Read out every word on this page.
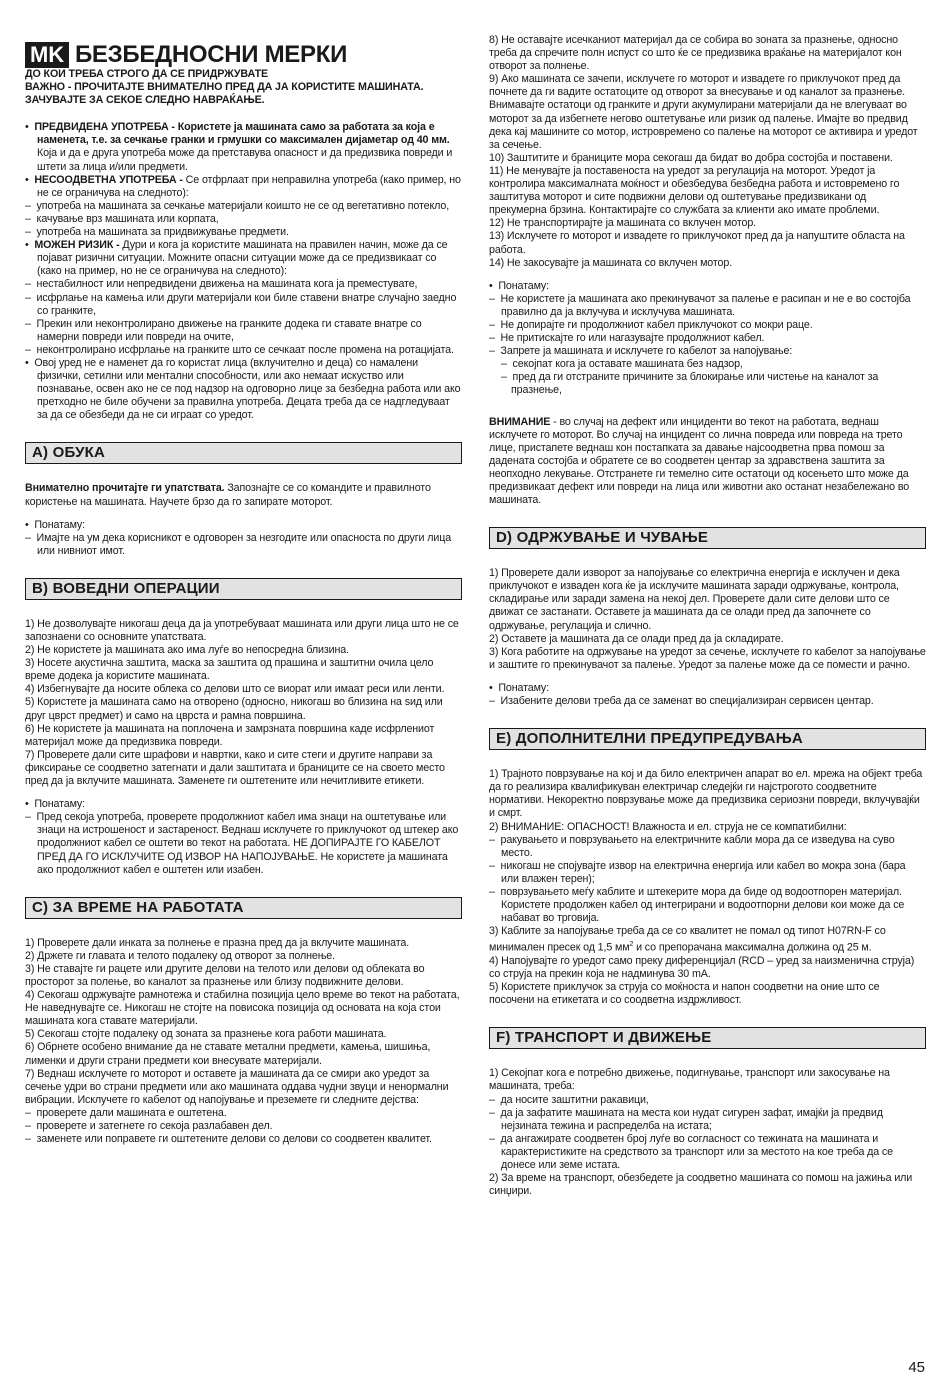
MK БЕЗБЕДНОСНИ МЕРКИ

ДО КОИ ТРЕБА СТРОГО ДА СЕ ПРИДРЖУВАТЕ

ВАЖНО - ПРОЧИТАЈТЕ ВНИМАТЕЛНО ПРЕД ДА ЈА КОРИСТИТЕ МАШИНАТА. ЗАЧУВАЈТЕ ЗА СЕКОЕ СЛЕДНО НАВРАЌАЊЕ.

•  ПРЕДВИДЕНА УПОТРЕБА - Користете ја машината само за работата за која е наменета, т.е. за сечкање гранки и грмушки со максимален дијаметар од 40 мм. Која и да е друга употреба може да претставува опасност и да предизвика повреди и штети за лица и/или предмети.

•  НЕСООДВЕТНА УПОТРЕБА - Се отфрлаат при неправилна употреба (како пример, но не се ограничува на следното):

–  употреба на машината за сечкање материјали коишто не се од вегетативно потекло,

–  качување врз машината или корпата,

–  употреба на машината за придвижување предмети.

•  МОЖЕН РИЗИК - Дури и кога ја користите машината на правилен начин, може да се појават ризични ситуации. Можните опасни ситуации може да се предизвикаат со (како на пример, но не се ограничува на следното):

–  нестабилност или непредвидени движења на машината кога ја преместувате,

–  исфрлање на камења или други материјали кои биле ставени внатре случајно заедно со гранките,

–  Прекин или неконтролирано движење на гранките додека ги ставате внатре со намерни повреди или повреди на очите,

–  неконтролирано исфрлање на гранките што се сечкаат после промена на ротацијата.

•  Овој уред не е наменет да го користат лица (вклучително и деца) со намалени физички, сетилни или ментални способности, или ако немаат искуство или познавање, освен ако не се под надзор на одговорно лице за безбедна работа или ако претходно не биле обучени за правилна употреба. Децата треба да се надгледуваат за да се обезбеди да не си играат со уредот.

A) ОБУКА

Внимателно прочитајте ги упатствата. Запознајте се со командите и правилното користење на машината. Научете брзо да го запирате моторот.

•  Понатаму:

–  Имајте на ум дека корисникот е одговорен за незгодите или опасноста по други лица или нивниот имот.

B) ВОВЕДНИ ОПЕРАЦИИ

1) Не дозволувајте никогаш деца да ја употребуваат машината или други лица што не се запознаени со основните упатствата.

2) Не користете ја машината ако има луѓе во непосредна близина.

3) Носете акустична заштита, маска за заштита од прашина и заштитни очила цело време додека ја користите машината.

4) Избегнувајте да носите облека со делови што се виорат или имаат реси или ленти.

5) Користете ја машината само на отворено (односно, никогаш во близина на ѕид или друг цврст предмет) и само на цврста и рамна површина.

6) Не користете ја машината на поплочена и замрзната површина каде исфрлениот материјал може да предизвика повреди.

7) Проверете дали сите шрафови и навртки, како и сите стеги и другите направи за фиксирање се соодветно затегнати и дали заштитата и браниците се на своето место пред да ја вклучите машината. Заменете ги оштетените или нечитливите етикети.

•  Понатаму:

–  Пред секоја употреба, проверете продолжниот кабел има знаци на оштетување или знаци на истрошеност и застареност. Веднаш исклучете го приклучокот од штекер ако продолжниот кабел се оштети во текот на работата. НЕ ДОПИРАЈТЕ ГО КАБЕЛОТ ПРЕД ДА ГО ИСКЛУЧИТЕ ОД ИЗВОР НА НАПОЈУВАЊЕ. Не користете ја машината ако продолжниот кабел е оштетен или изабен.

C) ЗА ВРЕМЕ НА РАБОТАТА

1) Проверете дали инката за полнење е празна пред да ја вклучите машината.

2) Држете ги главата и телото подалеку од отворот за полнење.

3) Не ставајте ги рацете или другите делови на телото или делови од облеката во просторот за полење, во каналот за празнење или близу подвижните делови.

4) Секогаш одржувајте рамнотежа и стабилна позиција цело време во текот на работата, Не наведнувајте се. Никогаш не стојте на повисока позиција од основата на која стои машината кога ставате материјали.

5) Секогаш стојте подалеку од зоната за празнење кога работи машината.

6) Обрнете особено внимание да не ставате метални предмети, камења, шишиња, лименки и други страни предмети кои внесувате материјали.

7) Веднаш исклучете го моторот и оставете ја машината да се смири ако уредот за сечење удри во страни предмети или ако машината оддава чудни звуци и ненормални вибрации. Исклучете го кабелот од напојување и преземете ги следните дејства:

–  проверете дали машината е оштетена.

–  проверете и затегнете го секоја разлабавен дел.

–  заменете или поправете ги оштетените делови со делови со соодветен квалитет.

8) Не оставајте исечканиот материјал да се собира во зоната за празнење, односно треба да спречите полн испуст со што ќе се предизвика враќање на материјалот кон отворот за полнење.

9) Ако машината се зачепи, исклучете го моторот и извадете го приклучокот пред да почнете да ги вадите остатоците од отворот за внесување и од каналот за празнење. Внимавајте остатоци од гранките и други акумулирани материјали да не влегуваат во моторот за да избегнете негово оштетување или ризик од палење. Имајте во предвид дека кај машините со мотор, истровремено со палење на моторот се активира и уредот за сечење.

10) Заштитите и браниците мора секогаш да бидат во добра состојба и поставени.

11) Не менувајте ја поставеноста на уредот за регулација на моторот. Уредот ја контролира максималната моќност и обезбедува безбедна работа и истовремено го заштитува моторот и сите подвижни делови од оштетување предизвикани од прекумерна брзина. Контактирајте со службата за клиенти ако имате проблеми.

12) Не транспортирајте ја машината со вклучен мотор.

13) Исклучете го моторот и извадете го приклучокот пред да ја напуштите областа на работа.

14) Не закосувајте ја машината со вклучен мотор.

•  Понатаму:

–  Не користете ја машината ако прекинувачот за палење е расипан и не е во состојба правилно да ја вклучува и исклучува машината.

–  Не допирајте ги продолжниот кабел приклучокот со мокри раце.

–  Не притискајте го или нагазувајте продолжниот кабел.

–  Запрете ја машината и исклучете го кабелот за напојување:

–  секојпат кога ја оставате машината без надзор,

–  пред да ги отстраните причините за блокирање или чистење на каналот за празнење,

ВНИМАНИЕ - во случај на дефект или инциденти во текот на работата, веднаш исклучете го моторот. Во случај на инцидент со лична повреда или повреда на трето лице, пристапете веднаш кон постапката за давање најсоодветна прва помош за дадената состојба и обратете се во соодветен центар за здравствена заштита за неопходно лекување. Отстранете ги темелно сите остатоци од косењето што може да предизвикаат дефект или повреди на лица или животни ако останат незабележано во машината.

D) ОДРЖУВАЊЕ И ЧУВАЊЕ

1) Проверете дали изворот за напојување со електрична енергија е исклучен и дека приклучокот е изваден кога ќе ја исклучите машината заради одржување, контрола, складирање или заради замена на некој дел. Проверете дали сите делови што се движат се застанати. Оставете ја машината да се олади пред да започнете со одржување, регулација и слично.

2) Оставете ја машината да се олади пред да ја складирате.

3) Кога работите на одржување на уредот за сечење, исклучете го кабелот за напојување и заштите го прекинувачот за палење. Уредот за палење може да се помести и рачно.

•  Понатаму:

–  Изабените делови треба да се заменат во специјализиран сервисен центар.

E) ДОПОЛНИТЕЛНИ ПРЕДУПРЕДУВАЊА

1) Трајното поврзување на кој и да било електричен апарат во ел. мрежа на објект треба да го реализира квалификуван електричар следејќи ги најстрогото соодветните нормативи. Некоректно поврзување може да предизвика сериозни повреди, вклучувајќи и смрт.

2) ВНИМАНИЕ: ОПАСНОСТ! Влажноста и ел. струја не се компатибилни:

–  ракувањето и поврзувањето на електричните кабли мора да се изведува на суво место.

–  никогаш не спојувајте извор на електрична енергија или кабел во мокра зона (бара или влажен терен);

–  поврзувањето меѓу каблите и штекерите мора да биде од водоотпорен материјал. Користете продолжен кабел од интегрирани и водоотпорни делови кои може да се набават во трговија.

3) Каблите за напојување треба да се со квалитет не помал од типот H07RN-F со минимален пресек од 1,5 $мм^2$ и со препорачана максимална должина од 25 м.

4) Напојувајте го уредот само преку диференцијал (RCD – уред за наизменична струја) со струја на прекин која не надминува 30 mA.

5) Користете приклучок за струја со моќноста и напон соодветни на оние што се посочени на етикетата и со соодветна издржливост.

F) ТРАНСПОРТ И ДВИЖЕЊЕ

1) Секојпат кога е потребно движење, подигнување, транспорт или закосување на машината, треба:

–  да носите заштитни ракавици,

–  да ја зафатите машината на места кои нудат сигурен зафат, имајќи ја предвид нејзината тежина и распределба на истата;

–  да ангажирате соодветен број луѓе во согласност со тежината на машината и карактеристиките на средството за транспорт или за местото на кое треба да се донесе или земе истата.

2) За време на транспорт, обезбедете ја соодветно машината со помош на јажиња или синџири.

45
